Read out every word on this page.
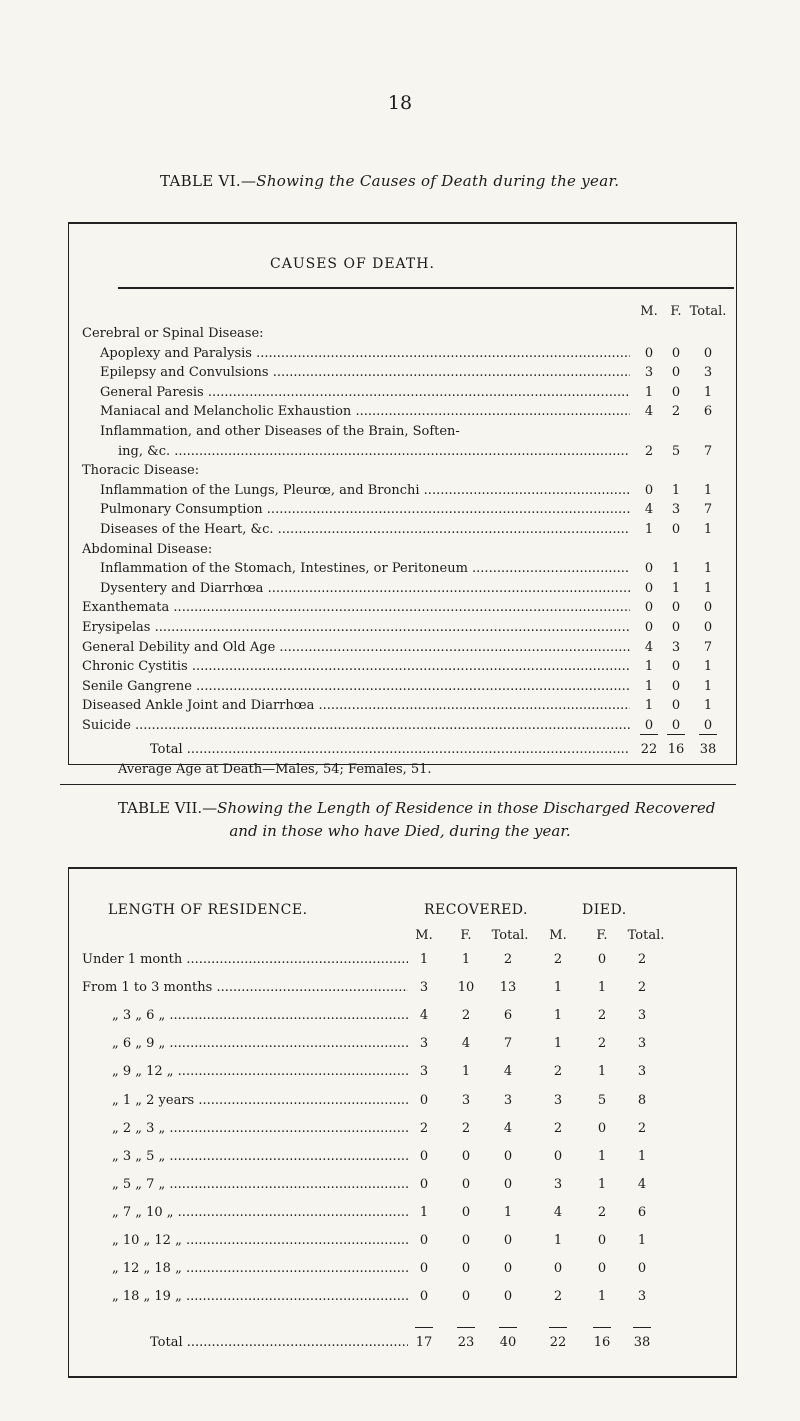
18
TABLE VI.—Showing the Causes of Death during the year.
CAUSES OF DEATH.
M. F. Total.
Cerebral or Spinal Disease:
Apoplexy and Paralysis .....	0	0	0
Epilepsy and Convulsions .....	3	0	3
General Paresis .....	1	0	1
Maniacal and Melancholic Exhaustion .....	4	2	6
Inflammation, and other Diseases of the Brain, Soften-
ing, &c. .....	2	5	7
Thoracic Disease:
Inflammation of the Lungs, Pleurœ, and Bronchi .....	0	1	1
Pulmonary Consumption .....	4	3	7
Diseases of the Heart, &c. .....	1	0	1
Abdominal Disease:
Inflammation of the Stomach, Intestines, or Peritoneum .....	0	1	1
Dysentery and Diarrhœa .....	0	1	1
Exanthemata .....	0	0	0
Erysipelas .....	0	0	0
General Debility and Old Age .....	4	3	7
Chronic Cystitis .....	1	0	1
Senile Gangrene .....	1	0	1
Diseased Ankle Joint and Diarrhœa .....	1	0	1
Suicide .....	0	0	0
Total .....	22 16	38
Average Age at Death—Males, 54; Females, 51.
TABLE VII.—Showing the Length of Residence in those Discharged Recovered
and in those who have Died, during the year.
LENGTH OF RESIDENCE.	RECOVERED.	DIED.
M.	F.	Total.	M.	F.	Total.
Under 1 month .....	1	1	2	2	0	2
From 1 to 3 months .....	3	10	13	1	1	2
„ 3 „ 6 „ .....	4	2	6	1	2	3
„ 6 „ 9 „ .....	3	4	7	1	2	3
„ 9 „ 12 „ .....	3	1	4	2	1	3
„ 1 „ 2 years .....	0	3	3	3	5	8
„ 2 „ 3 „ .....	2	2	4	2	0	2
„ 3 „ 5 „ .....	0	0	0	0	1	1
„ 5 „ 7 „ .....	0	0	0	3	1	4
„ 7 „ 10 „ .....	1	0	1	4	2	6
„ 10 „ 12 „ .....	0	0	0	1	0	1
„ 12 „ 18 „ .....	0	0	0	0	0	0
„ 18 „ 19 „ .....	0	0	0	2	1	3
Total .....	17	23	40	22	16	38
